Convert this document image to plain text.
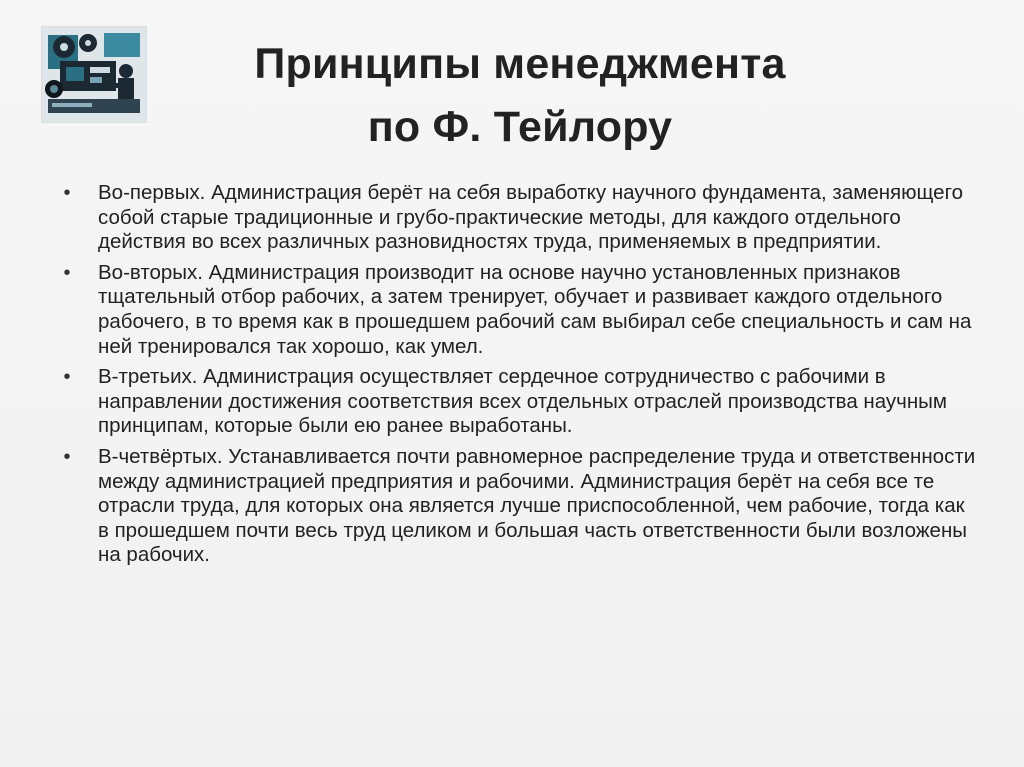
Принципы менеджмента
по Ф. Тейлору
• Во-первых. Администрация берёт на себя выработку научного фундамента, заменяющего собой старые традиционные и грубо-практические методы, для каждого отдельного действия во всех различных разновидностях труда, применяемых в предприятии.
• Во-вторых. Администрация производит на основе научно установленных признаков тщательный отбор рабочих, а затем тренирует, обучает и развивает каждого отдельного рабочего, в то время как в прошедшем рабочий сам выбирал себе специальность и сам на ней тренировался так хорошо, как умел.
• В-третьих. Администрация осуществляет сердечное сотрудничество с рабочими в направлении достижения соответствия всех отдельных отраслей производства научным принципам, которые были ею ранее выработаны.
• В-четвёртых. Устанавливается почти равномерное распределение труда и ответственности между администрацией предприятия и рабочими. Администрация берёт на себя все те отрасли труда, для которых она является лучше приспособленной, чем рабочие, тогда как в прошедшем почти весь труд целиком и большая часть ответственности были возложены на рабочих.
